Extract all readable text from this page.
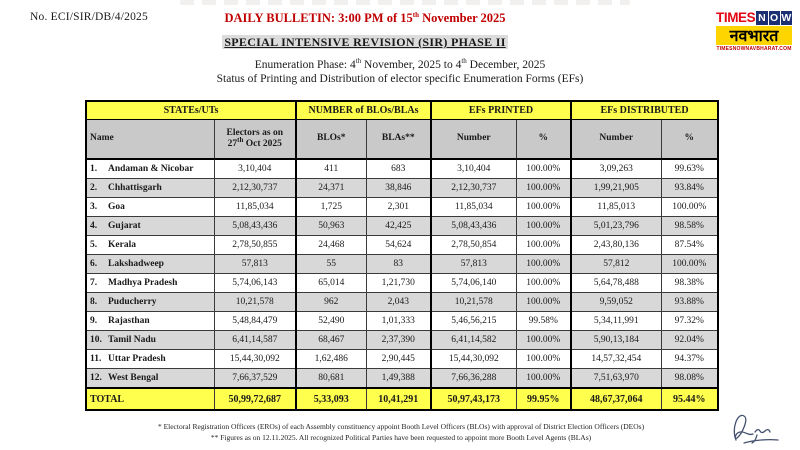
No. ECI/SIR/DB/4/2025	DAILY BULLETIN: 3:00 PM of 15th November 2025	TIMES N O W
नवभारत
TIMESNOWNAVBHARAT.COM
SPECIAL INTENSIVE REVISION (SIR) PHASE II
Enumeration Phase: 4th November, 2025 to 4th December, 2025
Status of Printing and Distribution of elector specific Enumeration Forms (EFs)
STATEs/UTs		NUMBER of BLOs/BLAs		EFs PRINTED		EFs DISTRIBUTED	
Name	Electors as on 27th Oct 2025	BLOs*	BLAs**	Number	%	Number	%
1. Andaman & Nicobar	3,10,404	411	683	3,10,404	100.00%	3,09,263	99.63%
2. Chhattisgarh	2,12,30,737	24,371	38,846	2,12,30,737	100.00%	1,99,21,905	93.84%
3. Goa	11,85,034	1,725	2,301	11,85,034	100.00%	11,85,013	100.00%
4. Gujarat	5,08,43,436	50,963	42,425	5,08,43,436	100.00%	5,01,23,796	98.58%
5. Kerala	2,78,50,855	24,468	54,624	2,78,50,854	100.00%	2,43,80,136	87.54%
6. Lakshadweep	57,813	55	83	57,813	100.00%	57,812	100.00%
7. Madhya Pradesh	5,74,06,143	65,014	1,21,730	5,74,06,140	100.00%	5,64,78,488	98.38%
8. Puducherry	10,21,578	962	2,043	10,21,578	100.00%	9,59,052	93.88%
9. Rajasthan	5,48,84,479	52,490	1,01,333	5,46,56,215	99.58%	5,34,11,991	97.32%
10. Tamil Nadu	6,41,14,587	68,467	2,37,390	6,41,14,582	100.00%	5,90,13,184	92.04%
11. Uttar Pradesh	15,44,30,092	1,62,486	2,90,445	15,44,30,092	100.00%	14,57,32,454	94.37%
12. West Bengal	7,66,37,529	80,681	1,49,388	7,66,36,288	100.00%	7,51,63,970	98.08%
TOTAL	50,99,72,687	5,33,093	10,41,291	50,97,43,173	99.95%	48,67,37,064	95.44%
* Electoral Registration Officers (EROs) of each Assembly constituency appoint Booth Level Officers (BLOs) with approval of District Election Officers (DEOs)
** Figures as on 12.11.2025. All recognized Political Parties have been requested to appoint more Booth Level Agents (BLAs)
